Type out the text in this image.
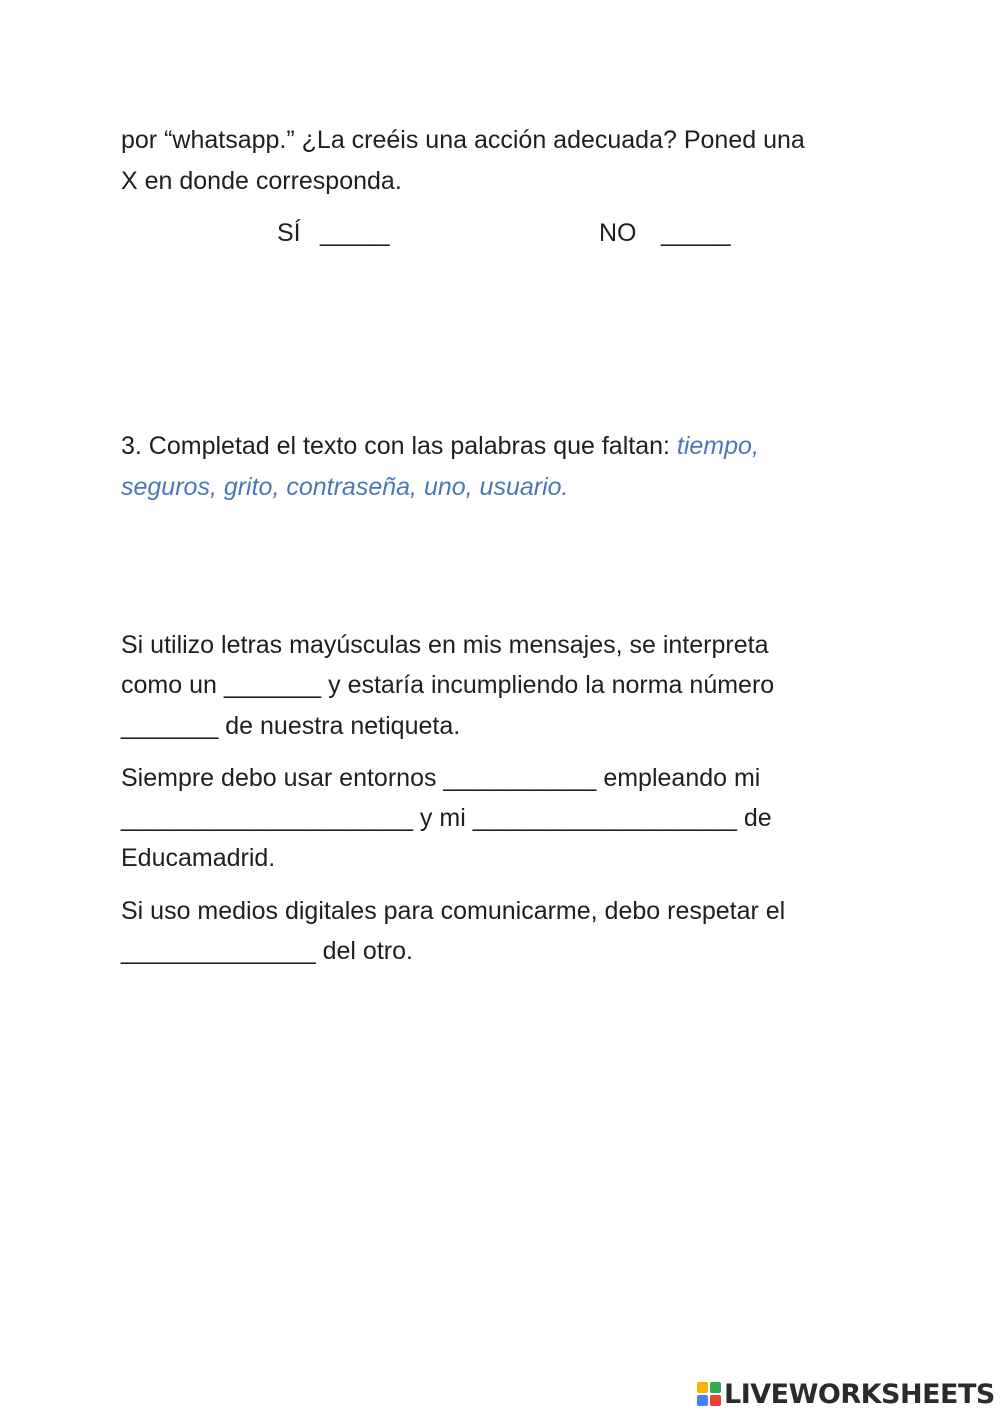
por “whatsapp.” ¿La creéis una acción adecuada? Poned una
X en donde corresponda.
SÍ _____	NO _____
3. Completad el texto con las palabras que faltan: tiempo,
seguros, grito, contraseña, uno, usuario.
Si utilizo letras mayúsculas en mis mensajes, se interpreta
como un _______ y estaría incumpliendo la norma número
_______ de nuestra netiqueta.
Siempre debo usar entornos ___________ empleando mi
_____________________ y mi ___________________ de
Educamadrid.
Si uso medios digitales para comunicarme, debo respetar el
______________ del otro.
LIVEWORKSHEETS
